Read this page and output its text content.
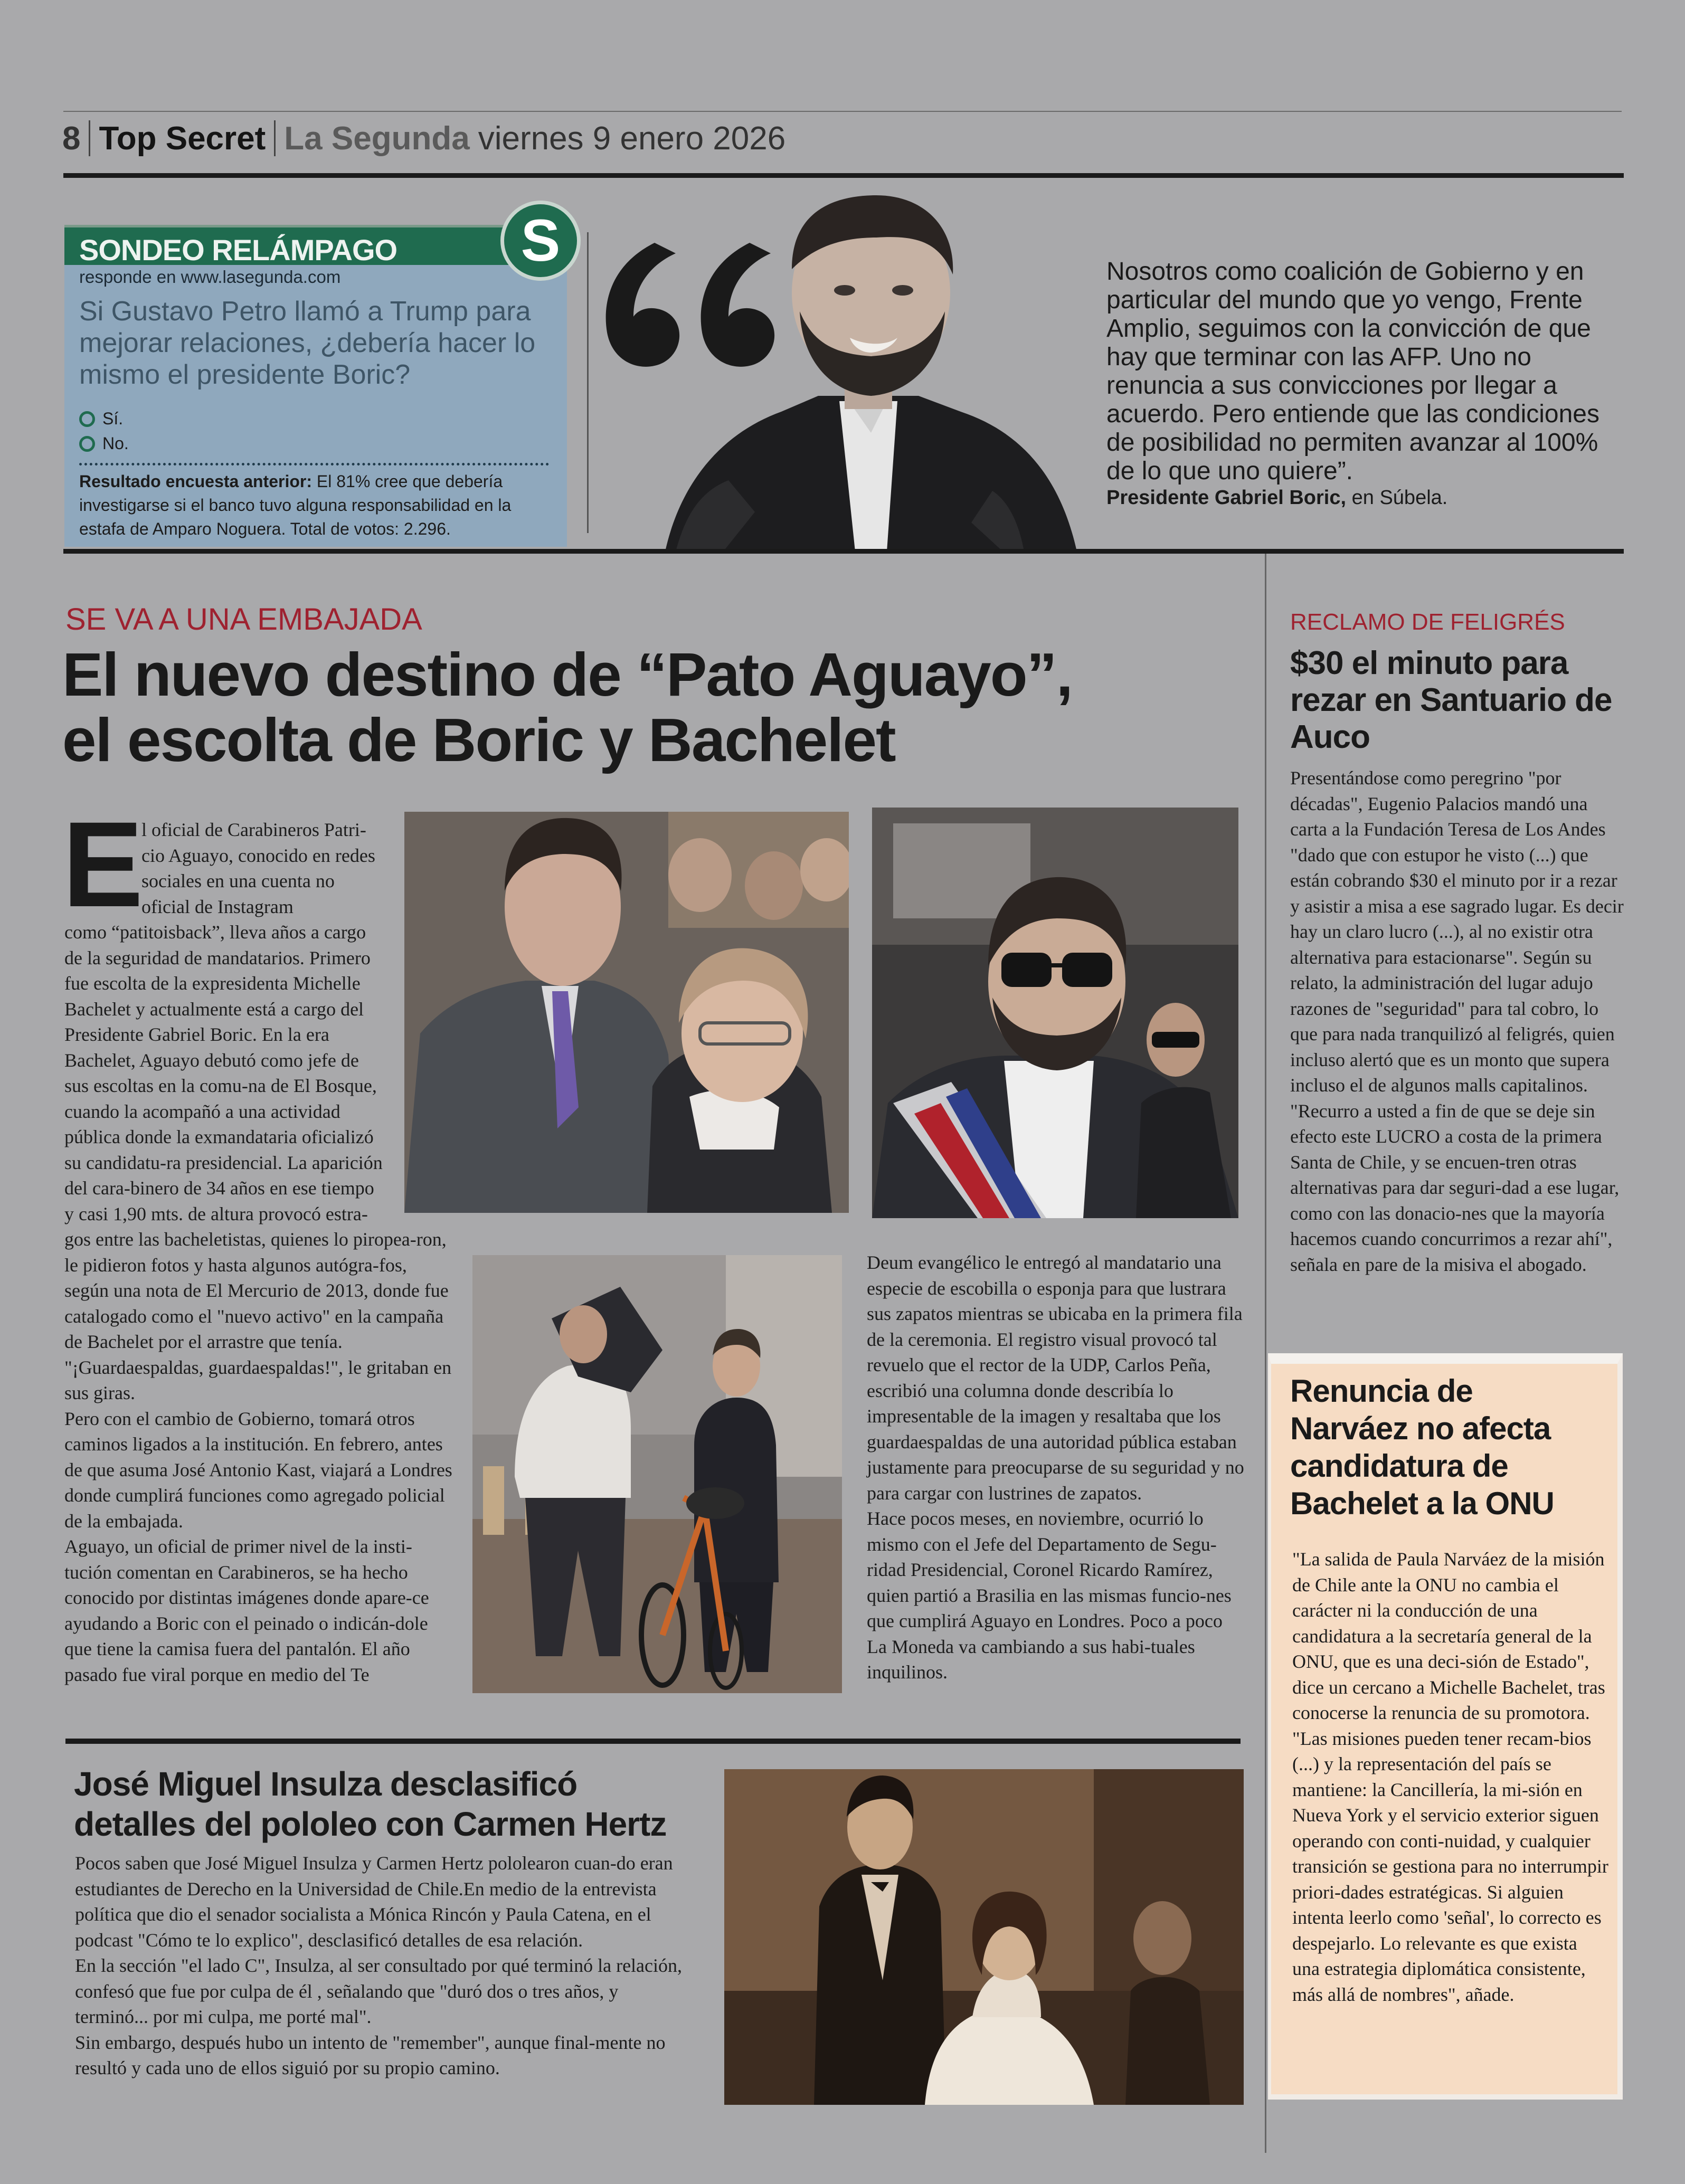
8 Top Secret La Segunda viernes 9 enero 2026
SONDEO RELÁMPAGO	S
responde en www.lasegunda.com
Si Gustavo Petro llamó a Trump para mejorar relaciones, ¿debería hacer lo mismo el presidente Boric?
Sí.
No.
Resultado encuesta anterior: El 81% cree que debería investigarse si el banco tuvo alguna responsabilidad en la estafa de Amparo Noguera. Total de votos: 2.296.
Nosotros como coalición de Gobierno y en particular del mundo que yo vengo, Frente Amplio, seguimos con la convicción de que hay que terminar con las AFP. Uno no renuncia a sus convicciones por llegar a acuerdo. Pero entiende que las condiciones de posibilidad no permiten avanzar al 100% de lo que uno quiere”.
Presidente Gabriel Boric, en Súbela.
SE VA A UNA EMBAJADA
El nuevo destino de “Pato Aguayo”,
el escolta de Boric y Bachelet
E
l oficial de Carabineros Patri-cio Aguayo, conocido en redes sociales en una cuenta no oficial de Instagram
como “patitoisback”, lleva años a cargo de la seguridad de mandatarios. Primero fue escolta de la expresidenta Michelle Bachelet y actualmente está a cargo del Presidente Gabriel Boric. En la era Bachelet, Aguayo debutó como jefe de sus escoltas en la comu-na de El Bosque, cuando la acompañó a una actividad pública donde la exmandataria oficializó su candidatu-ra presidencial. La aparición del cara-binero de 34 años en ese tiempo y casi 1,90 mts. de altura provocó estra-

gos entre las bacheletistas, quienes lo piropea-ron, le pidieron fotos y hasta algunos autógra-fos, según una nota de El Mercurio de 2013, donde fue catalogado como el "nuevo activo" en la campaña de Bachelet por el arrastre que tenía. "¡Guardaespaldas, guardaespaldas!", le gritaban en sus giras.

Pero con el cambio de Gobierno, tomará otros caminos ligados a la institución. En febrero, antes de que asuma José Antonio Kast, viajará a Londres donde cumplirá funciones como agregado policial de la embajada.

Aguayo, un oficial de primer nivel de la insti-tución comentan en Carabineros, se ha hecho conocido por distintas imágenes donde apare-ce ayudando a Boric con el peinado o indicán-dole que tiene la camisa fuera del pantalón. El año pasado fue viral porque en medio del Te

Deum evangélico le entregó al mandatario una especie de escobilla o esponja para que lustrara sus zapatos mientras se ubicaba en la primera fila de la ceremonia. El registro visual provocó tal revuelo que el rector de la UDP, Carlos Peña, escribió una columna donde describía lo impresentable de la imagen y resaltaba que los guardaespaldas de una autoridad pública estaban justamente para preocuparse de su seguridad y no para cargar con lustrines de zapatos.

Hace pocos meses, en noviembre, ocurrió lo mismo con el Jefe del Departamento de Segu-ridad Presidencial, Coronel Ricardo Ramírez, quien partió a Brasilia en las mismas funcio-nes que cumplirá Aguayo en Londres. Poco a poco La Moneda va cambiando a sus habi-tuales inquilinos.

RECLAMO DE FELIGRÉS
$30 el minuto para rezar en Santuario de Auco

Presentándose como peregrino "por décadas", Eugenio Palacios mandó una carta a la Fundación Teresa de Los Andes "dado que con estupor he visto (...) que están cobrando $30 el minuto por ir a rezar y asistir a misa a ese sagrado lugar. Es decir hay un claro lucro (...), al no existir otra alternativa para estacionarse". Según su relato, la administración del lugar adujo razones de "seguridad" para tal cobro, lo que para nada tranquilizó al feligrés, quien incluso alertó que es un monto que supera incluso el de algunos malls capitalinos.

"Recurro a usted a fin de que se deje sin efecto este LUCRO a costa de la primera Santa de Chile, y se encuen-tren otras alternativas para dar seguri-dad a ese lugar, como con las donacio-nes que la mayoría hacemos cuando concurrimos a rezar ahí", señala en pare de la misiva el abogado.

Renuncia de Narváez no afecta candidatura de Bachelet a la ONU

"La salida de Paula Narváez de la misión de Chile ante la ONU no cambia el carácter ni la conducción de una candidatura a la secretaría general de la ONU, que es una deci-sión de Estado", dice un cercano a Michelle Bachelet, tras conocerse la renuncia de su promotora.

"Las misiones pueden tener recam-bios (...) y la representación del país se mantiene: la Cancillería, la mi-sión en Nueva York y el servicio exterior siguen operando con conti-nuidad, y cualquier transición se gestiona para no interrumpir priori-dades estratégicas. Si alguien intenta leerlo como 'señal', lo correcto es despejarlo. Lo relevante es que exista una estrategia diplomática consistente, más allá de nombres", añade.

José Miguel Insulza desclasificó
detalles del pololeo con Carmen Hertz

Pocos saben que José Miguel Insulza y Carmen Hertz pololearon cuan-do eran estudiantes de Derecho en la Universidad de Chile.En medio de la entrevista política que dio el senador socialista a Mónica Rincón y Paula Catena, en el podcast "Cómo te lo explico", desclasificó detalles de esa relación.

En la sección "el lado C", Insulza, al ser consultado por qué terminó la relación, confesó que fue por culpa de él , señalando que "duró dos o tres años, y terminó... por mi culpa, me porté mal".

Sin embargo, después hubo un intento de "remember", aunque final-mente no resultó y cada uno de ellos siguió por su propio camino.
